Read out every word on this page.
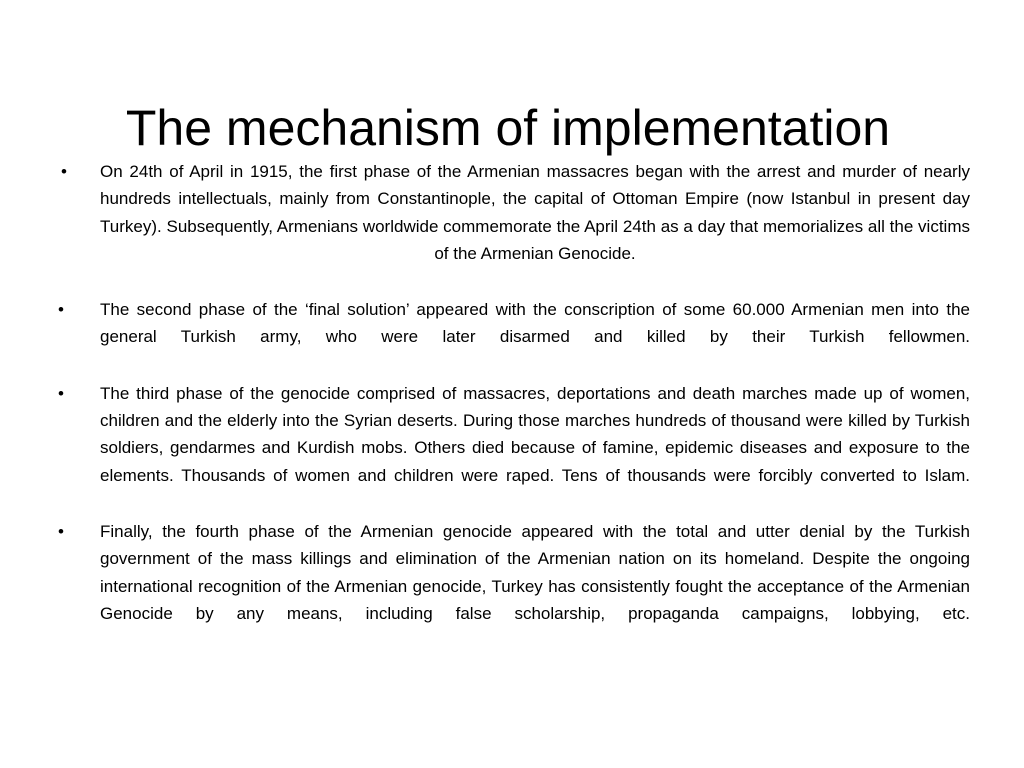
The mechanism of implementation
• On 24th of April in 1915, the first phase of the Armenian massacres began with the arrest and murder of nearly hundreds intellectuals, mainly from Constantinople, the capital of Ottoman Empire (now Istanbul in present day Turkey). Subsequently, Armenians worldwide commemorate the April 24th as a day that memorializes all the victims of the Armenian Genocide.
•	The second phase of the ‘final solution’ appeared with the conscription of some 60.000 Armenian men into the general Turkish army, who were later disarmed and killed by their Turkish fellowmen.
•	The third phase of the genocide comprised of massacres, deportations and death marches made up of women, children and the elderly into the Syrian deserts. During those marches hundreds of thousand were killed by Turkish soldiers, gendarmes and Kurdish mobs. Others died because of famine, epidemic diseases and exposure to the elements. Thousands of women and children were raped. Tens of thousands were forcibly converted to Islam.
•	Finally, the fourth phase of the Armenian genocide appeared with the total and utter denial by the Turkish government of the mass killings and elimination of the Armenian nation on its homeland. Despite the ongoing international recognition of the Armenian genocide, Turkey has consistently fought the acceptance of the Armenian Genocide by any means, including false scholarship, propaganda campaigns, lobbying, etc.
